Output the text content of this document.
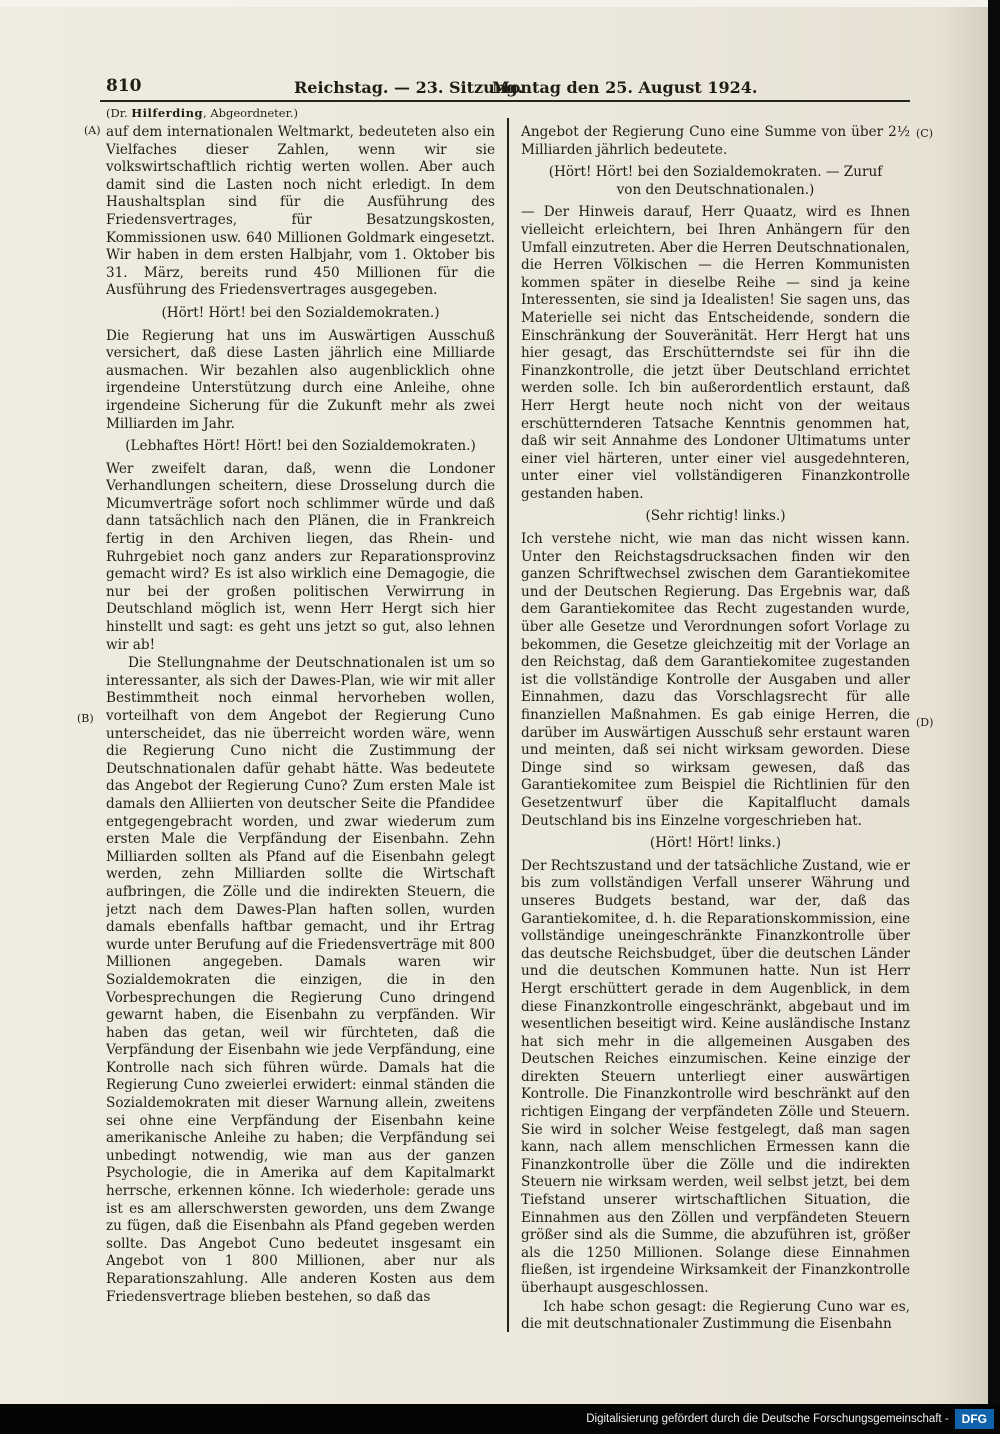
810	Reichstag. — 23. Sitzung.
Montag den 25. August 1924.
(Dr. Hilferding, Abgeordneter.)
(A)
(B)
(C)
(D)

auf dem internationalen Weltmarkt, bedeuteten also ein Vielfaches dieser Zahlen, wenn wir sie volkswirtschaftlich richtig werten wollen. Aber auch damit sind die Lasten noch nicht erledigt. In dem Haushaltsplan sind für die Ausführung des Friedensvertrages, für Besatzungskosten, Kommissionen usw. 640 Millionen Goldmark eingesetzt. Wir haben in dem ersten Halbjahr, vom 1. Oktober bis 31. März, bereits rund 450 Millionen für die Ausführung des Friedensvertrages ausgegeben.

(Hört! Hört! bei den Sozialdemokraten.)

Die Regierung hat uns im Auswärtigen Ausschuß versichert, daß diese Lasten jährlich eine Milliarde ausmachen. Wir bezahlen also augenblicklich ohne irgendeine Unterstützung durch eine Anleihe, ohne irgendeine Sicherung für die Zukunft mehr als zwei Milliarden im Jahr.

(Lebhaftes Hört! Hört! bei den Sozialdemokraten.)

Wer zweifelt daran, daß, wenn die Londoner Verhandlungen scheitern, diese Drosselung durch die Micumverträge sofort noch schlimmer würde und daß dann tatsächlich nach den Plänen, die in Frankreich fertig in den Archiven liegen, das Rhein- und Ruhrgebiet noch ganz anders zur Reparationsprovinz gemacht wird? Es ist also wirklich eine Demagogie, die nur bei der großen politischen Verwirrung in Deutschland möglich ist, wenn Herr Hergt sich hier hinstellt und sagt: es geht uns jetzt so gut, also lehnen wir ab!

Die Stellungnahme der Deutschnationalen ist um so interessanter, als sich der Dawes-Plan, wie wir mit aller Bestimmtheit noch einmal hervorheben wollen, vorteilhaft von dem Angebot der Regierung Cuno unterscheidet, das nie überreicht worden wäre, wenn die Regierung Cuno nicht die Zustimmung der Deutschnationalen dafür gehabt hätte. Was bedeutete das Angebot der Regierung Cuno? Zum ersten Male ist damals den Alliierten von deutscher Seite die Pfandidee entgegengebracht worden, und zwar wiederum zum ersten Male die Verpfändung der Eisenbahn. Zehn Milliarden sollten als Pfand auf die Eisenbahn gelegt werden, zehn Milliarden sollte die Wirtschaft aufbringen, die Zölle und die indirekten Steuern, die jetzt nach dem Dawes-Plan haften sollen, wurden damals ebenfalls haftbar gemacht, und ihr Ertrag wurde unter Berufung auf die Friedensverträge mit 800 Millionen angegeben. Damals waren wir Sozialdemokraten die einzigen, die in den Vorbesprechungen die Regierung Cuno dringend gewarnt haben, die Eisenbahn zu verpfänden. Wir haben das getan, weil wir fürchteten, daß die Verpfändung der Eisenbahn wie jede Verpfändung, eine Kontrolle nach sich führen würde. Damals hat die Regierung Cuno zweierlei erwidert: einmal ständen die Sozialdemokraten mit dieser Warnung allein, zweitens sei ohne eine Verpfändung der Eisenbahn keine amerikanische Anleihe zu haben; die Verpfändung sei unbedingt notwendig, wie man aus der ganzen Psychologie, die in Amerika auf dem Kapitalmarkt herrsche, erkennen könne. Ich wiederhole: gerade uns ist es am allerschwersten geworden, uns dem Zwange zu fügen, daß die Eisenbahn als Pfand gegeben werden sollte. Das Angebot Cuno bedeutet insgesamt ein Angebot von 1 800 Millionen, aber nur als Reparationszahlung. Alle anderen Kosten aus dem Friedensvertrage blieben bestehen, so daß das

Angebot der Regierung Cuno eine Summe von über 2½ Milliarden jährlich bedeutete.

(Hört! Hört! bei den Sozialdemokraten. — Zuruf von den Deutschnationalen.)

— Der Hinweis darauf, Herr Quaatz, wird es Ihnen vielleicht erleichtern, bei Ihren Anhängern für den Umfall einzutreten. Aber die Herren Deutschnationalen, die Herren Völkischen — die Herren Kommunisten kommen später in dieselbe Reihe — sind ja keine Interessenten, sie sind ja Idealisten! Sie sagen uns, das Materielle sei nicht das Entscheidende, sondern die Einschränkung der Souveränität. Herr Hergt hat uns hier gesagt, das Erschütterndste sei für ihn die Finanzkontrolle, die jetzt über Deutschland errichtet werden solle. Ich bin außerordentlich erstaunt, daß Herr Hergt heute noch nicht von der weitaus erschütternderen Tatsache Kenntnis genommen hat, daß wir seit Annahme des Londoner Ultimatums unter einer viel härteren, unter einer viel ausgedehnteren, unter einer viel vollständigeren Finanzkontrolle gestanden haben.

(Sehr richtig! links.)

Ich verstehe nicht, wie man das nicht wissen kann. Unter den Reichstagsdrucksachen finden wir den ganzen Schriftwechsel zwischen dem Garantiekomitee und der Deutschen Regierung. Das Ergebnis war, daß dem Garantiekomitee das Recht zugestanden wurde, über alle Gesetze und Verordnungen sofort Vorlage zu bekommen, die Gesetze gleichzeitig mit der Vorlage an den Reichstag, daß dem Garantiekomitee zugestanden ist die vollständige Kontrolle der Ausgaben und aller Einnahmen, dazu das Vorschlagsrecht für alle finanziellen Maßnahmen. Es gab einige Herren, die darüber im Auswärtigen Ausschuß sehr erstaunt waren und meinten, daß sei nicht wirksam geworden. Diese Dinge sind so wirksam gewesen, daß das Garantiekomitee zum Beispiel die Richtlinien für den Gesetzentwurf über die Kapitalflucht damals Deutschland bis ins Einzelne vorgeschrieben hat.

(Hört! Hört! links.)

Der Rechtszustand und der tatsächliche Zustand, wie er bis zum vollständigen Verfall unserer Währung und unseres Budgets bestand, war der, daß das Garantiekomitee, d. h. die Reparationskommission, eine vollständige uneingeschränkte Finanzkontrolle über das deutsche Reichsbudget, über die deutschen Länder und die deutschen Kommunen hatte. Nun ist Herr Hergt erschüttert gerade in dem Augenblick, in dem diese Finanzkontrolle eingeschränkt, abgebaut und im wesentlichen beseitigt wird. Keine ausländische Instanz hat sich mehr in die allgemeinen Ausgaben des Deutschen Reiches einzumischen. Keine einzige der direkten Steuern unterliegt einer auswärtigen Kontrolle. Die Finanzkontrolle wird beschränkt auf den richtigen Eingang der verpfändeten Zölle und Steuern. Sie wird in solcher Weise festgelegt, daß man sagen kann, nach allem menschlichen Ermessen kann die Finanzkontrolle über die Zölle und die indirekten Steuern nie wirksam werden, weil selbst jetzt, bei dem Tiefstand unserer wirtschaftlichen Situation, die Einnahmen aus den Zöllen und verpfändeten Steuern größer sind als die Summe, die abzuführen ist, größer als die 1250 Millionen. Solange diese Einnahmen fließen, ist irgendeine Wirksamkeit der Finanzkontrolle überhaupt ausgeschlossen.

Ich habe schon gesagt: die Regierung Cuno war es, die mit deutschnationaler Zustimmung die Eisenbahn

Digitalisierung gefördert durch die Deutsche Forschungsgemeinschaft -	DFG
